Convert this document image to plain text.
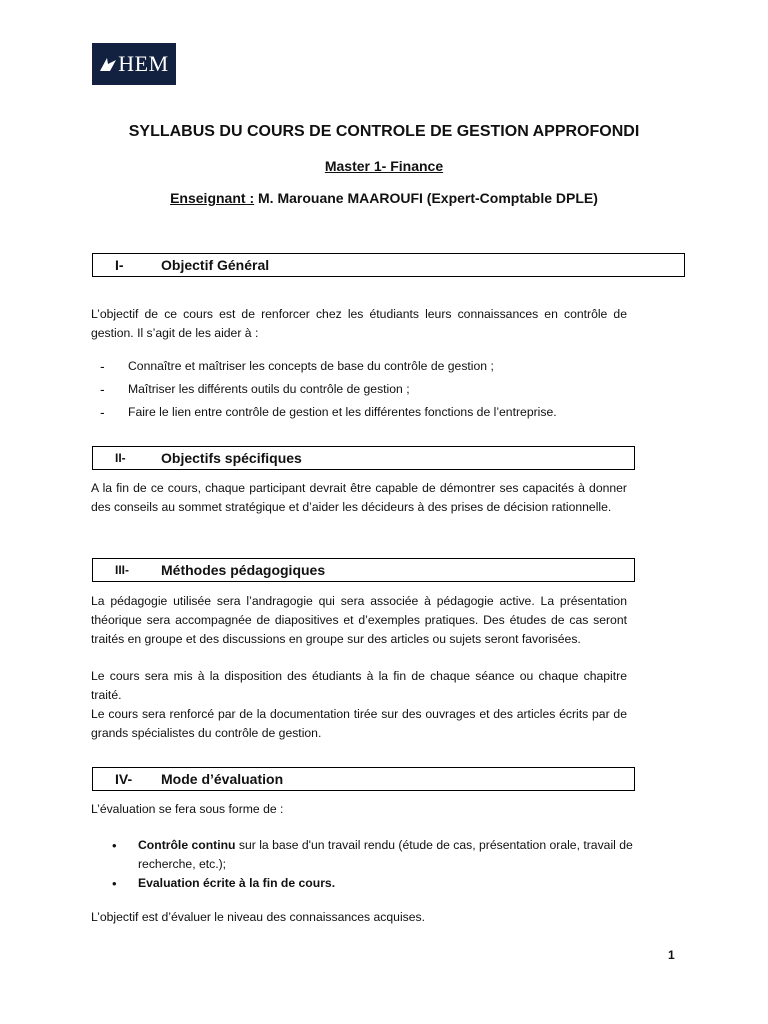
HEM
SYLLABUS DU COURS DE CONTROLE DE GESTION APPROFONDI

Master 1- Finance

Enseignant : M. Marouane MAAROUFI (Expert-Comptable DPLE)

I-	Objectif Général

L’objectif de ce cours est de renforcer chez les étudiants leurs connaissances en contrôle de gestion. Il s’agit de les aider à :

-	Connaître et maîtriser les concepts de base du contrôle de gestion ;
-	Maîtriser les différents outils du contrôle de gestion ;
-	Faire le lien entre contrôle de gestion et les différentes fonctions de l’entreprise.
II-	Objectifs spécifiques

A la fin de ce cours, chaque participant devrait être capable de démontrer ses capacités à donner des conseils au sommet stratégique et d’aider les décideurs à des prises de décision rationnelle.

III-	Méthodes pédagogiques

La pédagogie utilisée sera l’andragogie qui sera associée à pédagogie active. La présentation théorique sera accompagnée de diapositives et d’exemples pratiques. Des études de cas seront traités en groupe et des discussions en groupe sur des articles ou sujets seront favorisées.

Le cours sera mis à la disposition des étudiants à la fin de chaque séance ou chaque chapitre traité.

Le cours sera renforcé par de la documentation tirée sur des ouvrages et des articles écrits par de grands spécialistes du contrôle de gestion.

IV-	Mode d’évaluation

L’évaluation se fera sous forme de :

•	Contrôle continu sur la base d'un travail rendu (étude de cas, présentation orale, travail de recherche, etc.);
•	Evaluation écrite à la fin de cours.

L’objectif est d’évaluer le niveau des connaissances acquises.

1
